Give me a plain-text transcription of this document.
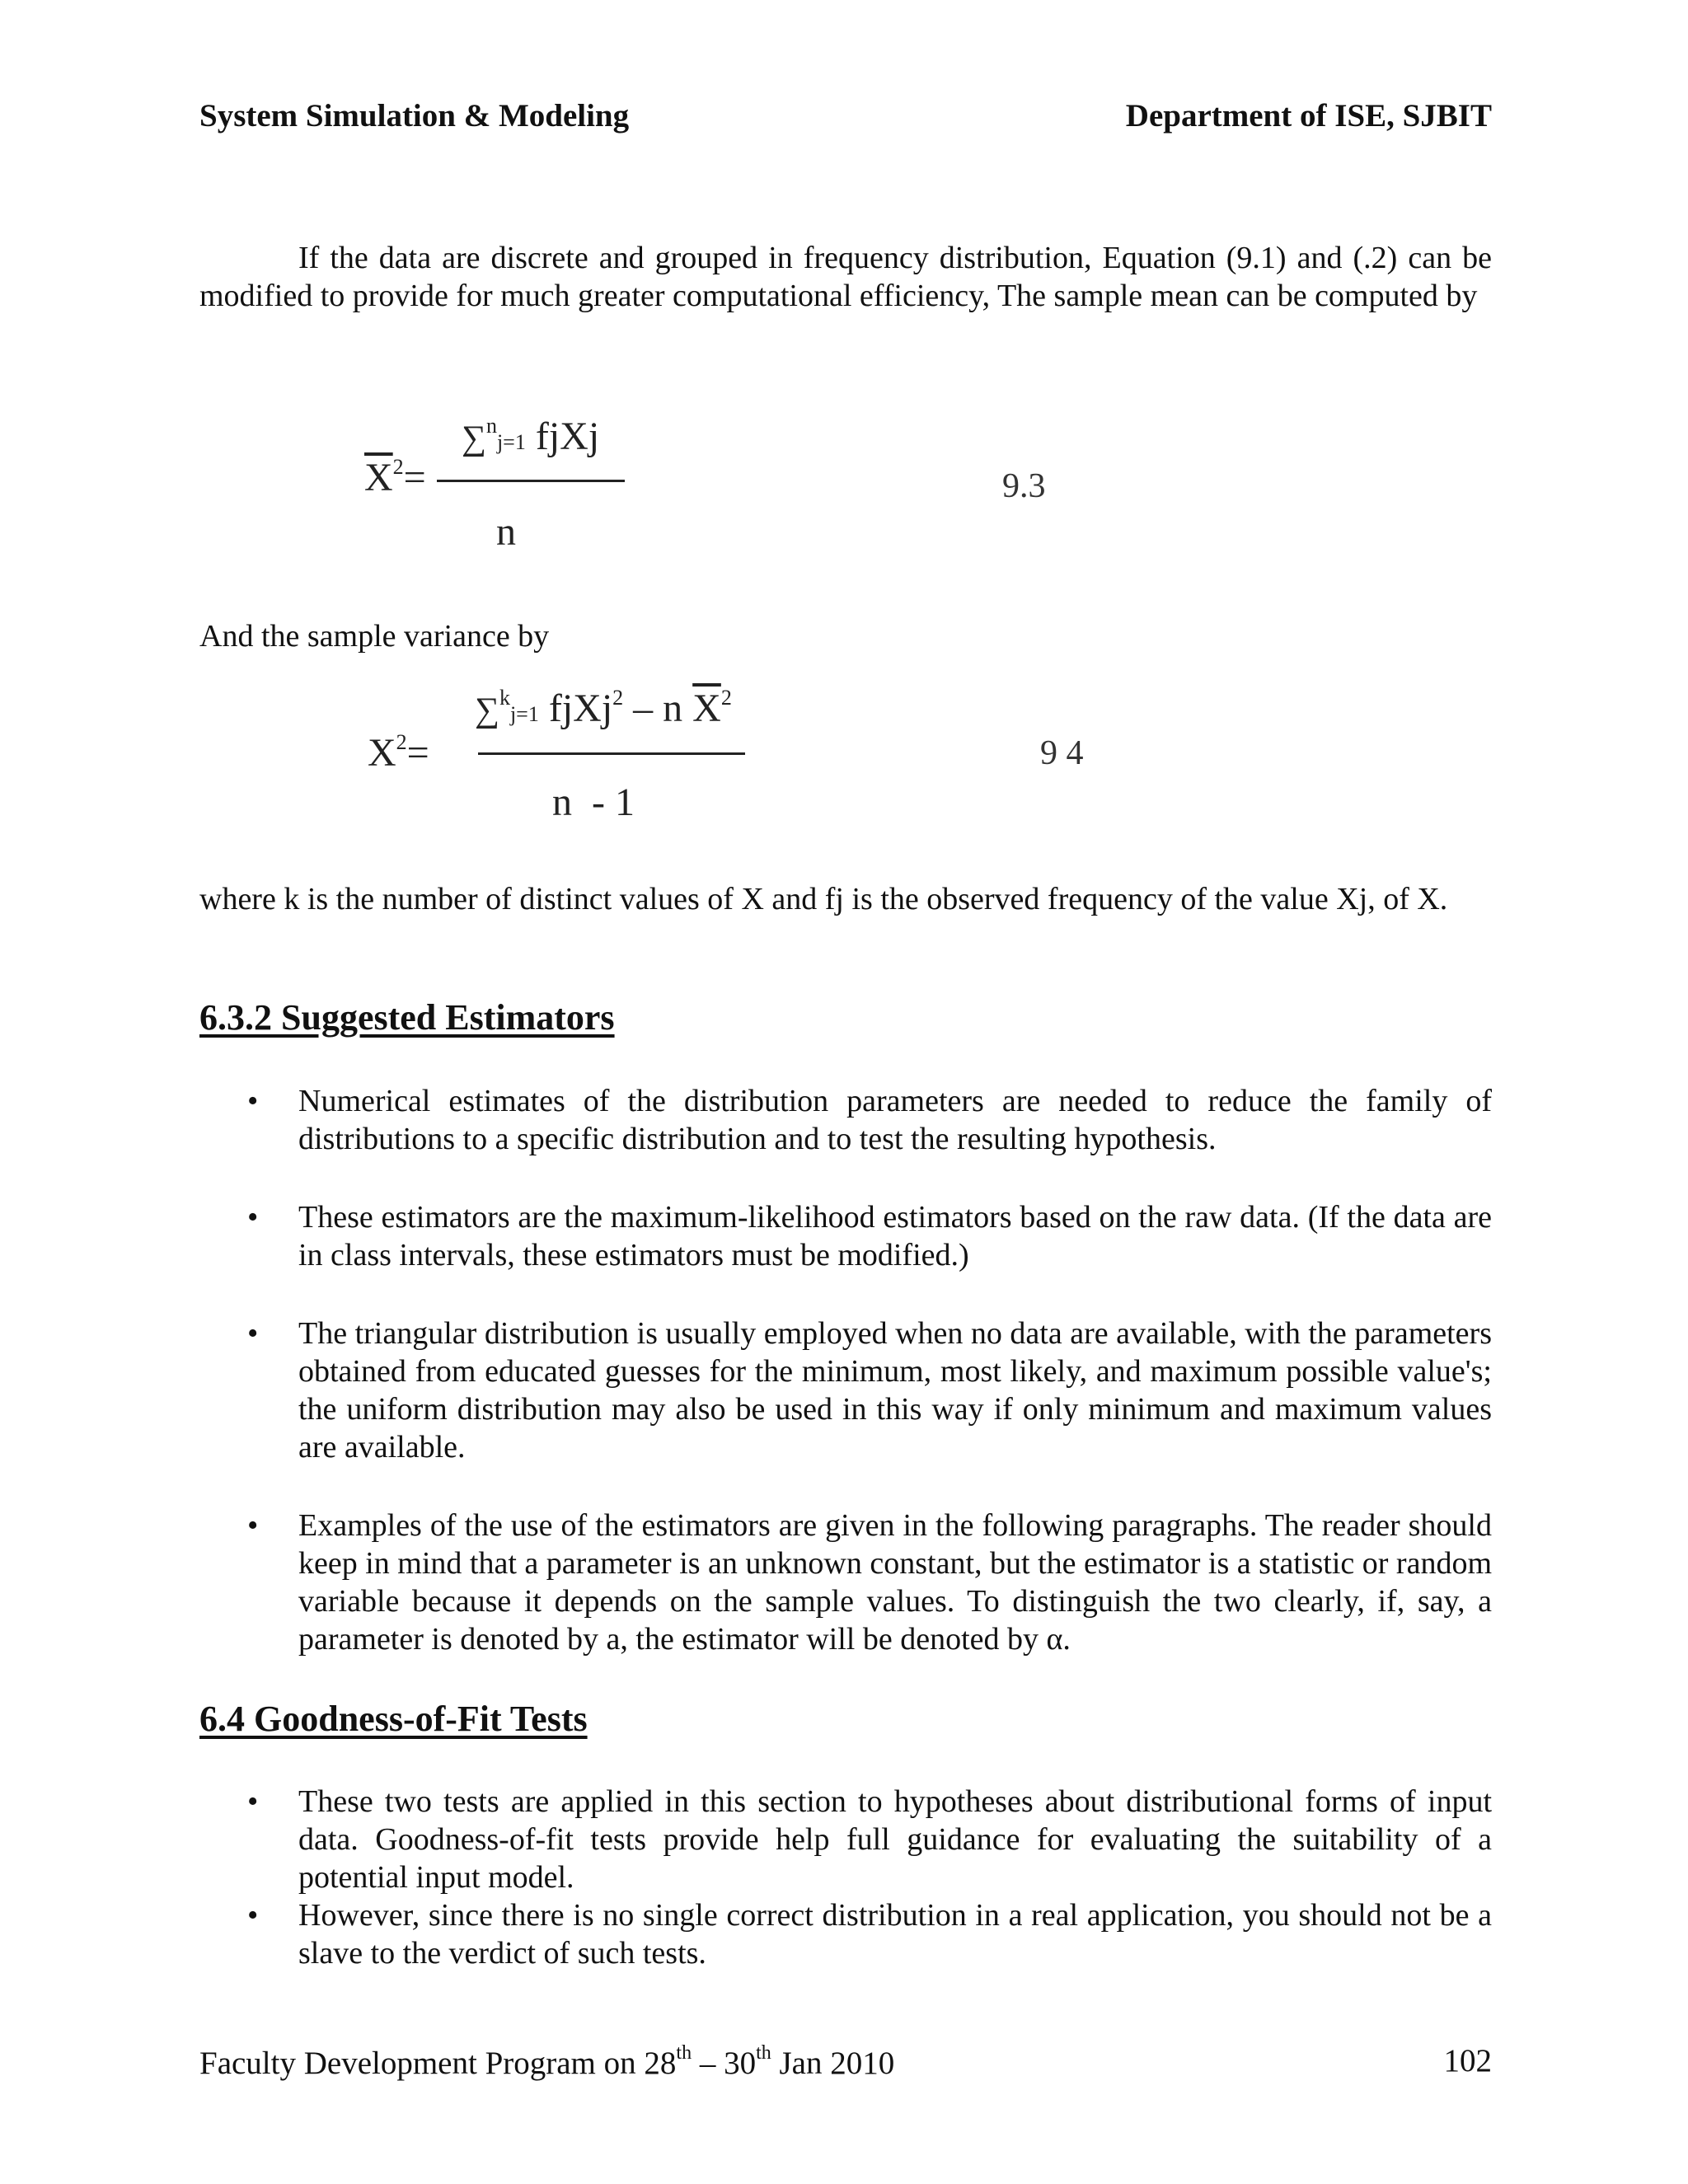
System Simulation & Modeling	Department of ISE, SJBIT
If the data are discrete and grouped in frequency distribution, Equation (9.1) and (.2) can be modified to provide for much greater computational efficiency, The sample mean can be computed by
$\overline{X}^2=$
∑$^n$j=1 fjXj
n
9.3
And the sample variance by
$X^2=$
∑$^k$j=1 fjXj$^2$ – n $\overline{X}^2$
n  - 1
9 4
where k is the number of distinct values of X and fj is the observed frequency of the value Xj, of X.
6.3.2 Suggested Estimators
• Numerical estimates of the distribution parameters are needed to reduce the family of distributions to a specific distribution and to test the resulting hypothesis.
• These estimators are the maximum-likelihood estimators based on the raw data. (If the data are in class intervals, these estimators must be modified.)
• The triangular distribution is usually employed when no data are available, with the parameters obtained from educated guesses for the minimum, most likely, and maximum possible value's; the uniform distribution may also be used in this way if only minimum and maximum values are available.
• Examples of the use of the estimators are given in the following paragraphs. The reader should keep in mind that a parameter is an unknown constant, but the estimator is a statistic or random variable because it depends on the sample values. To distinguish the two clearly, if, say, a parameter is denoted by a, the estimator will be denoted by α.
6.4 Goodness-of-Fit Tests
• These two tests are applied in this section to hypotheses about distributional forms of input data. Goodness-of-fit tests provide help full guidance for evaluating the suitability of a potential input model.
• However, since there is no single correct distribution in a real application, you should not be a slave to the verdict of such tests.
Faculty Development Program on 28th – 30th Jan 2010	102
